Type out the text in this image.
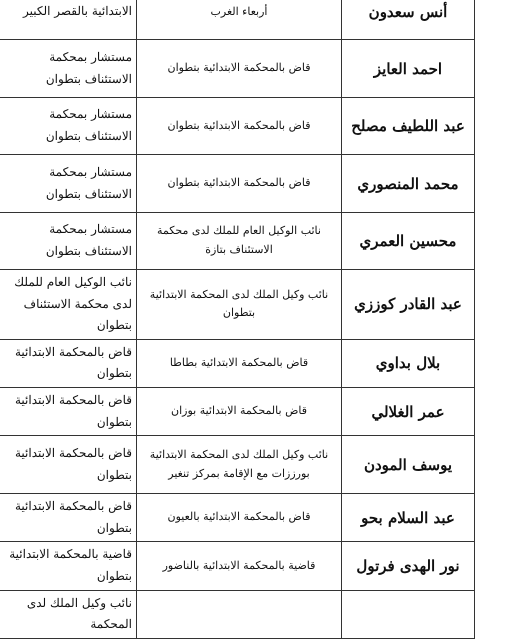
أنس سعدون	أربعاء الغرب	الابتدائية بالقصر الكبير
احمد العايز	قاض بالمحكمة الابتدائية بتطوان	مستشار بمحكمة الاستئناف بتطوان
عبد اللطيف مصلح	قاض بالمحكمة الابتدائية بتطوان	مستشار بمحكمة الاستئناف بتطوان
محمد المنصوري	قاض بالمحكمة الابتدائية بتطوان	مستشار بمحكمة الاستئناف بتطوان
محسين العمري	نائب الوكيل العام للملك لدى محكمة الاستئناف بتازة	مستشار بمحكمة الاستئناف بتطوان
عبد القادر كوززي	نائب وكيل الملك لدى المحكمة الابتدائية بتطوان	نائب الوكيل العام للملك لدى محكمة الاستئناف بتطوان
بلال بداوي	قاض بالمحكمة الابتدائية بطاطا	قاض بالمحكمة الابتدائية بتطوان
عمر الغلالي	قاض بالمحكمة الابتدائية بوزان	قاض بالمحكمة الابتدائية بتطوان
يوسف المودن	نائب وكيل الملك لدى المحكمة الابتدائية بورززات مع الإقامة بمركز تنغير	قاض بالمحكمة الابتدائية بتطوان
عبد السلام بحو	قاض بالمحكمة الابتدائية بالعيون	قاض بالمحكمة الابتدائية بتطوان
نور الهدى فرتول	قاضية بالمحكمة الابتدائية بالناضور	قاضية بالمحكمة الابتدائية بتطوان
		نائب وكيل الملك لدى المحكمة
